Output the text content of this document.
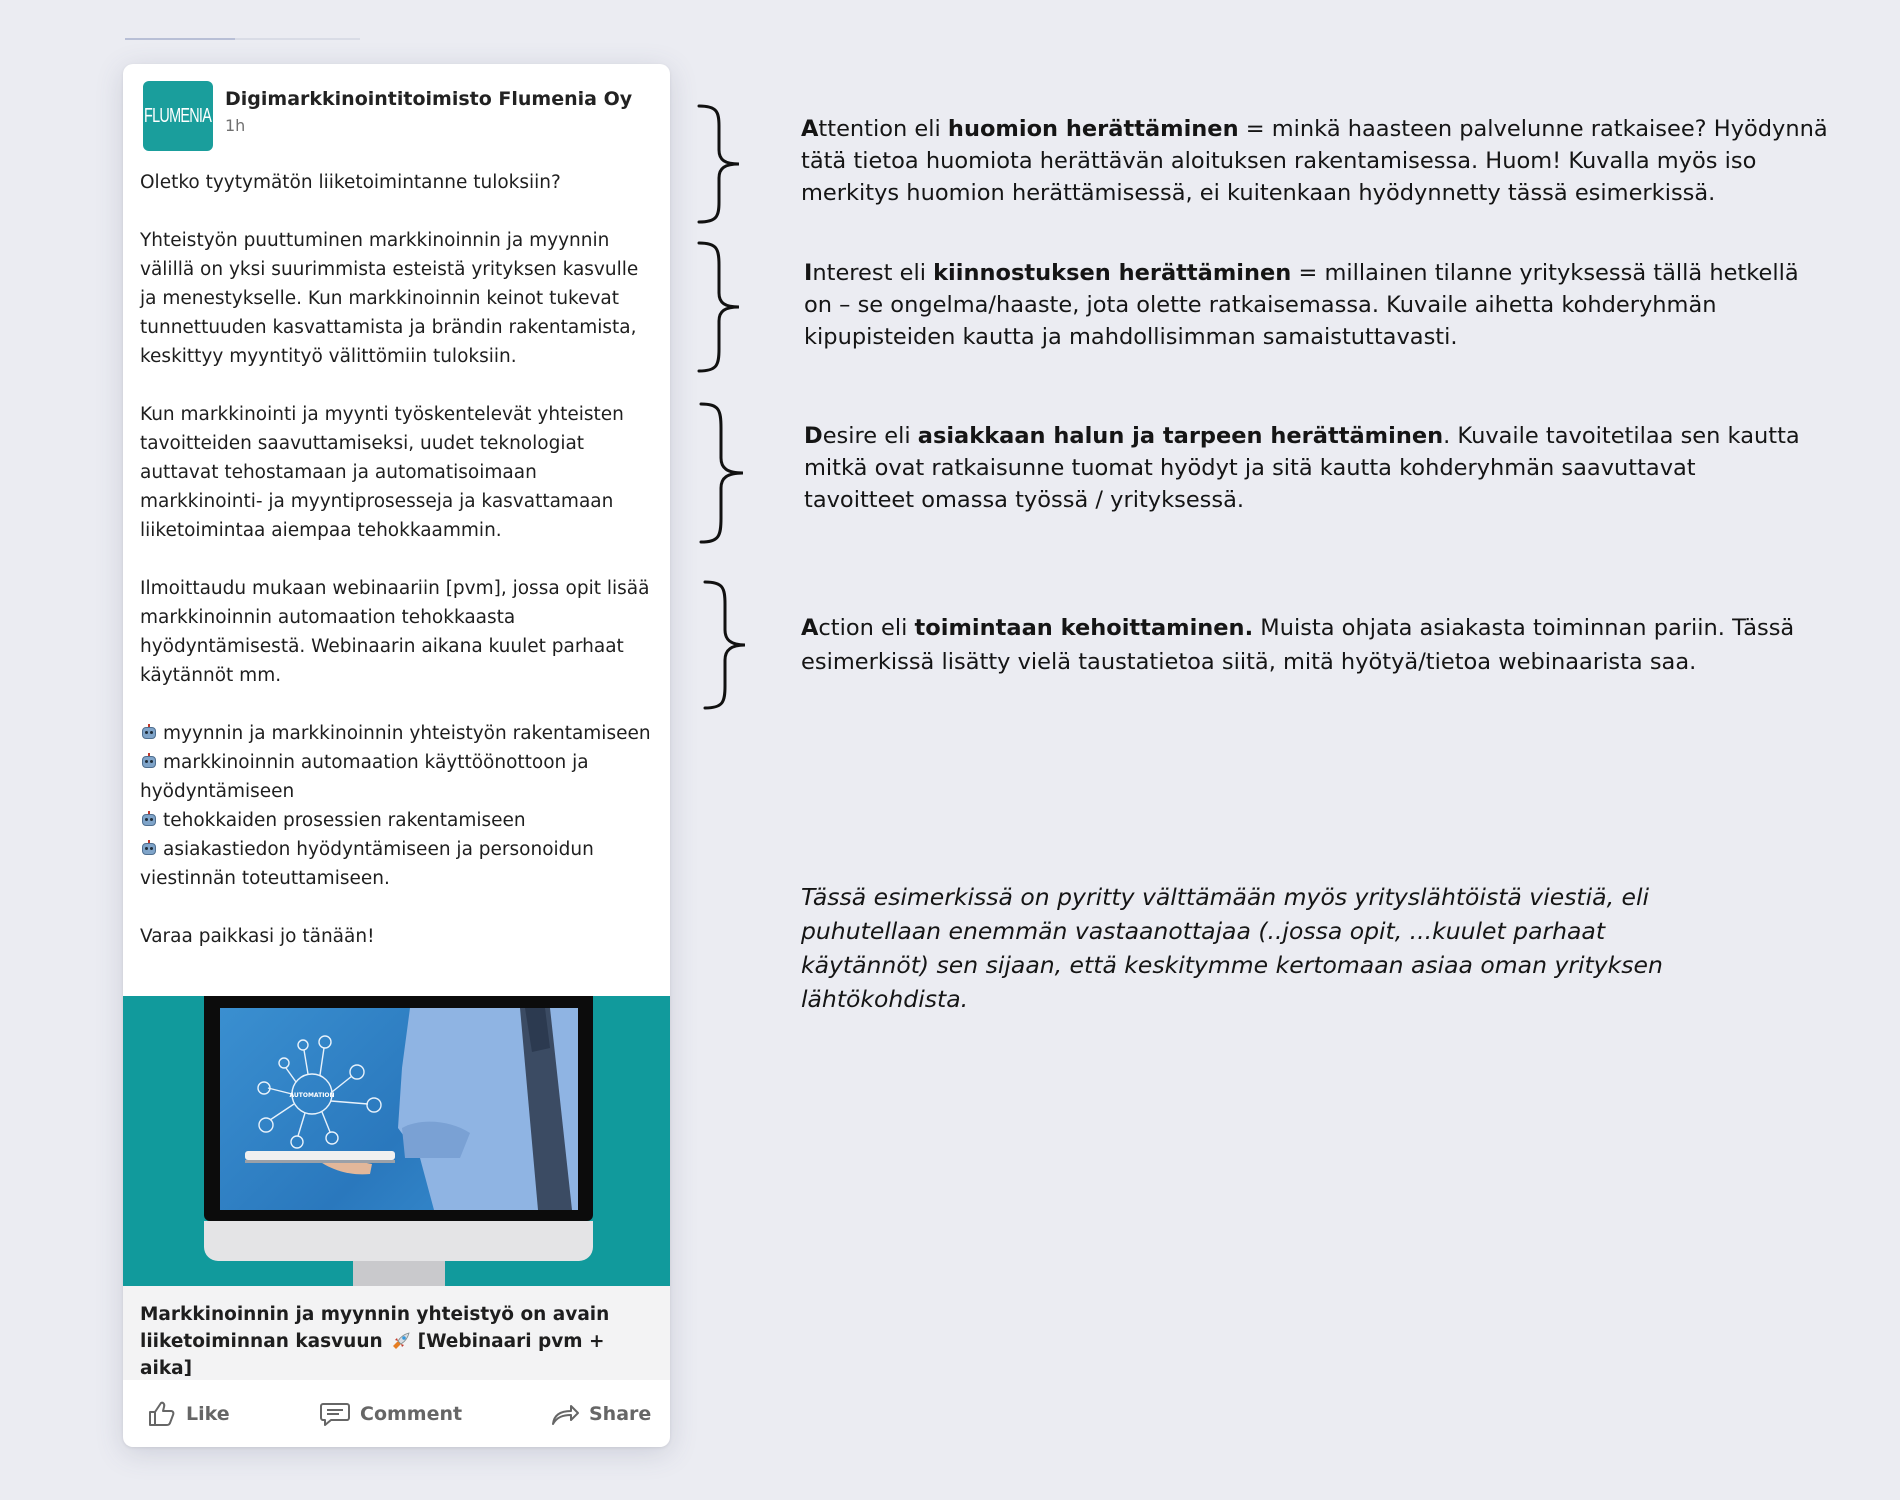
FLUMENIA
Digimarkkinointitoimisto Flumenia Oy
1h

Oletko tyytymätön liiketoimintanne tuloksiin?

Yhteistyön puuttuminen markkinoinnin ja myynnin välillä on yksi suurimmista esteistä yrityksen kasvulle ja menestykselle. Kun markkinoinnin keinot tukevat tunnettuuden kasvattamista ja brändin rakentamista, keskittyy myyntityö välittömiin tuloksiin.

Kun markkinointi ja myynti työskentelevät yhteisten tavoitteiden saavuttamiseksi, uudet teknologiat auttavat tehostamaan ja automatisoimaan markkinointi- ja myyntiprosesseja ja kasvattamaan liiketoimintaa aiempaa tehokkaammin.

Ilmoittaudu mukaan webinaariin [pvm], jossa opit lisää markkinoinnin automaation tehokkaasta hyödyntämisestä. Webinaarin aikana kuulet parhaat käytännöt mm.

myynnin ja markkinoinnin yhteistyön rakentamiseen
markkinoinnin automaation käyttöönottoon ja hyödyntämiseen
tehokkaiden prosessien rakentamiseen
asiakastiedon hyödyntämiseen ja personoidun viestinnän toteuttamiseen.

Varaa paikkasi jo tänään!

AUTOMATION
Markkinoinnin ja myynnin yhteistyö on avain liiketoiminnan kasvuun [Webinaari pvm + aika]
Like	Comment	Share
Attention eli huomion herättäminen = minkä haasteen palvelunne ratkaisee? Hyödynnä tätä tietoa huomiota herättävän aloituksen rakentamisessa. Huom! Kuvalla myös iso merkitys huomion herättämisessä, ei kuitenkaan hyödynnetty tässä esimerkissä.
Interest eli kiinnostuksen herättäminen = millainen tilanne yrityksessä tällä hetkellä on – se ongelma/haaste, jota olette ratkaisemassa. Kuvaile aihetta kohderyhmän kipupisteiden kautta ja mahdollisimman samaistuttavasti.
Desire eli asiakkaan halun ja tarpeen herättäminen. Kuvaile tavoitetilaa sen kautta mitkä ovat ratkaisunne tuomat hyödyt ja sitä kautta kohderyhmän saavuttavat tavoitteet omassa työssä / yrityksessä.
Action eli toimintaan kehoittaminen. Muista ohjata asiakasta toiminnan pariin. Tässä esimerkissä lisätty vielä taustatietoa siitä, mitä hyötyä/tietoa webinaarista saa.
Tässä esimerkissä on pyritty välttämään myös yrityslähtöistä viestiä, eli puhutellaan enemmän vastaanottajaa (..jossa opit, ...kuulet parhaat käytännöt) sen sijaan, että keskitymme kertomaan asiaa oman yrityksen lähtökohdista.
